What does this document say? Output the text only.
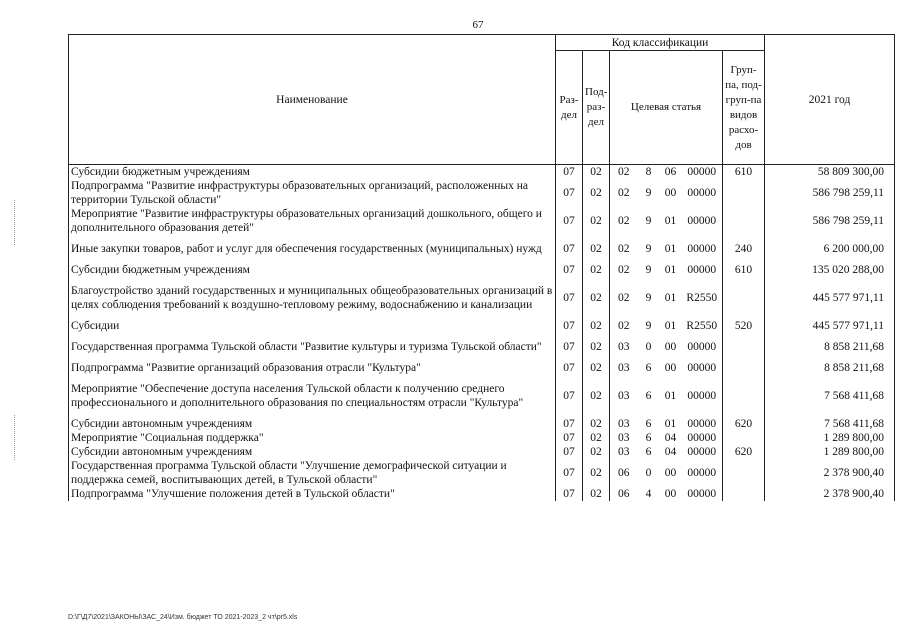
67
Наименование	Код классификации							2021 год
	Раз-дел	Под-раз-дел	Целевая статья				Груп-па, под-груп-па видов расхо-дов	
Субсидии бюджетным учреждениям	07	02	02	8	06	00000	610	58 809 300,00
Подпрограмма "Развитие инфраструктуры образовательных организаций, расположенных на территории Тульской области"	07	02	02	9	00	00000		586 798 259,11
Мероприятие "Развитие инфраструктуры образовательных организаций дошкольного, общего и дополнительного образования детей"	07	02	02	9	01	00000		586 798 259,11
Иные закупки товаров, работ и услуг для обеспечения государственных (муниципальных) нужд	07	02	02	9	01	00000	240	6 200 000,00
Субсидии бюджетным учреждениям	07	02	02	9	01	00000	610	135 020 288,00
Благоустройство зданий государственных и муниципальных общеобразовательных организаций в целях соблюдения требований к воздушно-тепловому режиму, водоснабжению и канализации	07	02	02	9	01	R2550		445 577 971,11
Субсидии	07	02	02	9	01	R2550	520	445 577 971,11
Государственная программа Тульской области "Развитие культуры и туризма Тульской области"	07	02	03	0	00	00000		8 858 211,68
Подпрограмма "Развитие организаций образования отрасли "Культура"	07	02	03	6	00	00000		8 858 211,68
Мероприятие "Обеспечение доступа населения Тульской области к получению среднего профессионального и дополнительного образования по специальностям отрасли "Культура"	07	02	03	6	01	00000		7 568 411,68
Субсидии автономным учреждениям	07	02	03	6	01	00000	620	7 568 411,68
Мероприятие "Социальная поддержка"	07	02	03	6	04	00000		1 289 800,00
Субсидии автономным учреждениям	07	02	03	6	04	00000	620	1 289 800,00
Государственная программа Тульской области "Улучшение демографической ситуации и поддержка семей, воспитывающих детей, в Тульской области"	07	02	06	0	00	00000		2 378 900,40
Подпрограмма "Улучшение положения детей в Тульской области"	07	02	06	4	00	00000		2 378 900,40
D:\Г\Д7\2021\ЗАКОНЫ\ЗАС_24\Изм. бюджет ТО 2021-2023_2 чт\pr5.xls
